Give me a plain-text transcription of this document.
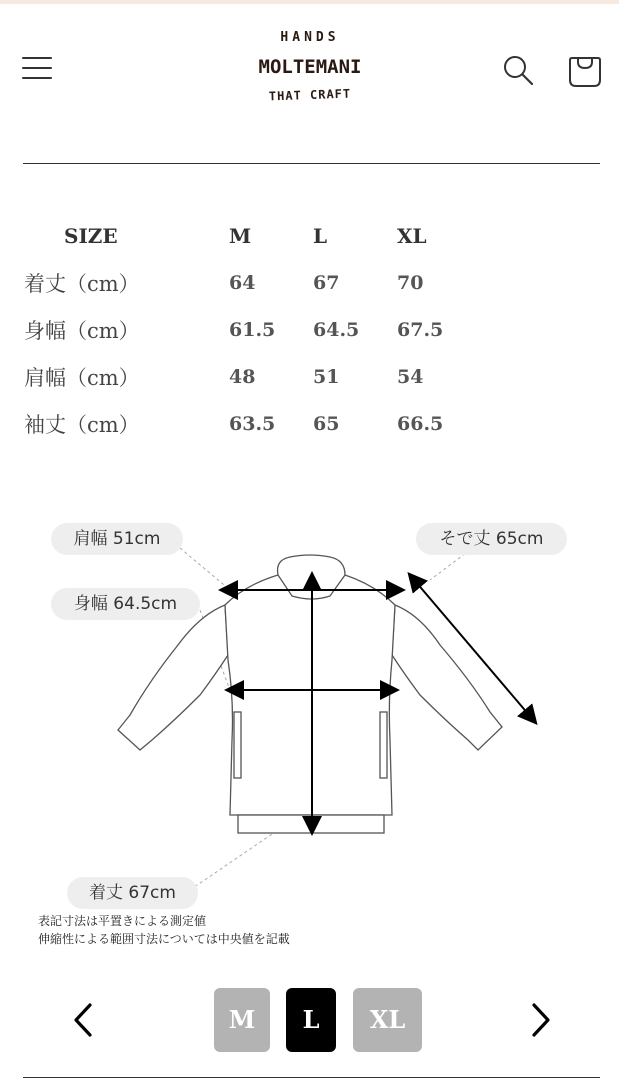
HANDS
MOLTEMANI
THAT CRAFT
SIZE	M	L	XL
着丈（cm）	64	67	70
身幅（cm）	61.5	64.5	67.5
肩幅（cm）	48	51	54
袖丈（cm）	63.5	65	66.5
肩幅 51cm	そで丈 65cm
身幅 64.5cm
着丈 67cm
表記寸法は平置きによる測定値
伸縮性による範囲寸法については中央値を記載
M	L	XL
